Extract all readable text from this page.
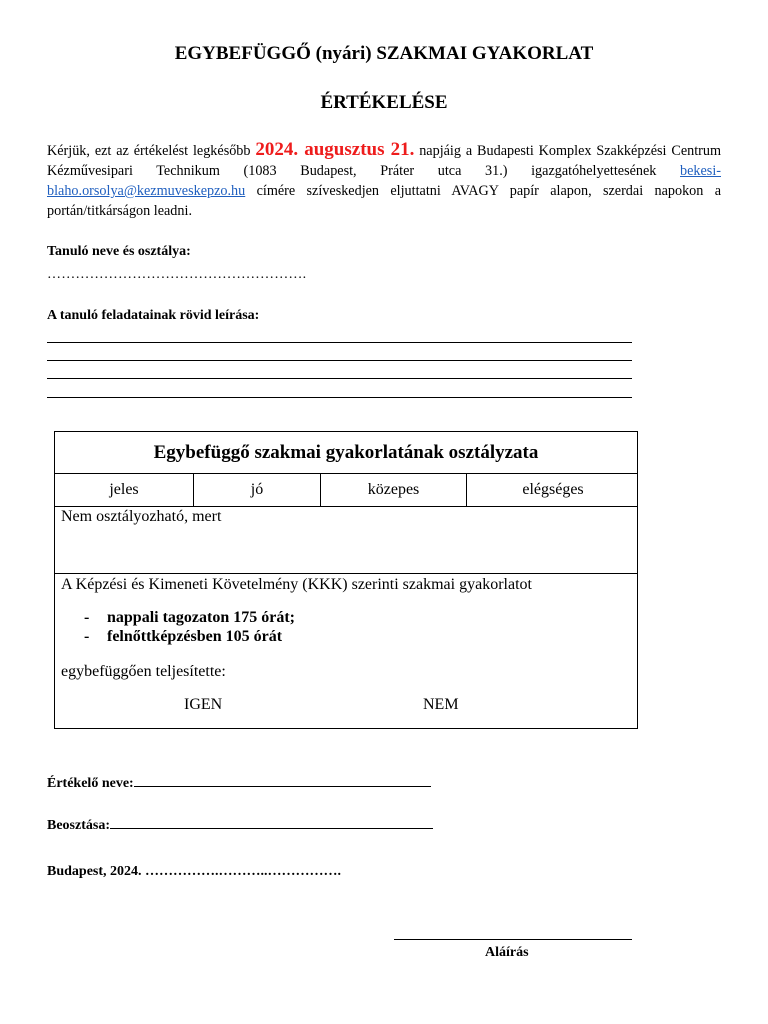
EGYBEFÜGGŐ (nyári) SZAKMAI GYAKORLAT
ÉRTÉKELÉSE
Kérjük, ezt az értékelést legkésőbb 2024. augusztus 21. napjáig a Budapesti Komplex Szakképzési Centrum Kézművesipari Technikum (1083 Budapest, Práter utca 31.) igazgatóhelyettesének bekesi-blaho.orsolya@kezmuveskepzo.hu címére szíveskedjen eljuttatni AVAGY papír alapon, szerdai napokon a portán/titkárságon leadni.
Tanuló neve és osztálya:
……………………………………………….
A tanuló feladatainak rövid leírása:
Egybefüggő szakmai gyakorlatának osztályzata
jeles	jó	közepes	elégséges
Nem osztályozható, mert
A Képzési és Kimeneti Követelmény (KKK) szerinti szakmai gyakorlatot
- nappali tagozaton 175 órát;
- felnőttképzésben 105 órát
egybefüggően teljesítette:
IGEN	NEM
Értékelő neve:
Beosztása:
Budapest, 2024. …………….………..…………….
Aláírás
